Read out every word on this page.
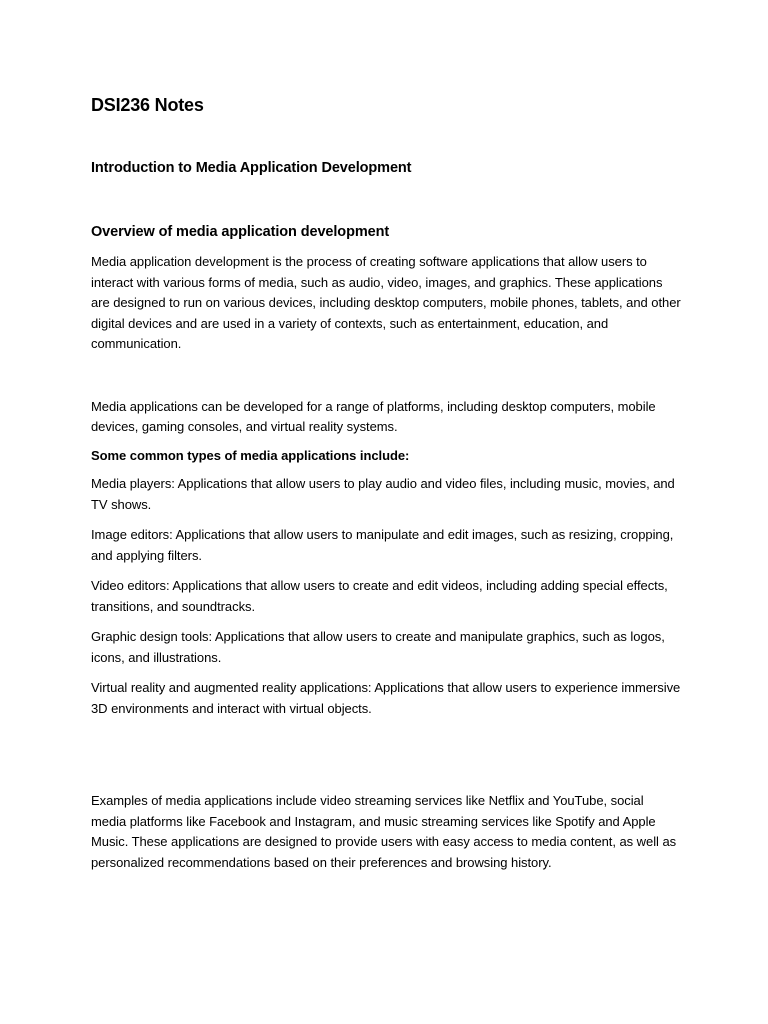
DSI236 Notes
Introduction to Media Application Development
Overview of media application development

Media application development is the process of creating software applications that allow users to interact with various forms of media, such as audio, video, images, and graphics. These applications are designed to run on various devices, including desktop computers, mobile phones, tablets, and other digital devices and are used in a variety of contexts, such as entertainment, education, and communication.

Media applications can be developed for a range of platforms, including desktop computers, mobile devices, gaming consoles, and virtual reality systems.

Some common types of media applications include:

Media players: Applications that allow users to play audio and video files, including music, movies, and TV shows.

Image editors: Applications that allow users to manipulate and edit images, such as resizing, cropping, and applying filters.

Video editors: Applications that allow users to create and edit videos, including adding special effects, transitions, and soundtracks.

Graphic design tools: Applications that allow users to create and manipulate graphics, such as logos, icons, and illustrations.

Virtual reality and augmented reality applications: Applications that allow users to experience immersive 3D environments and interact with virtual objects.

Examples of media applications include video streaming services like Netflix and YouTube, social media platforms like Facebook and Instagram, and music streaming services like Spotify and Apple Music. These applications are designed to provide users with easy access to media content, as well as personalized recommendations based on their preferences and browsing history.
